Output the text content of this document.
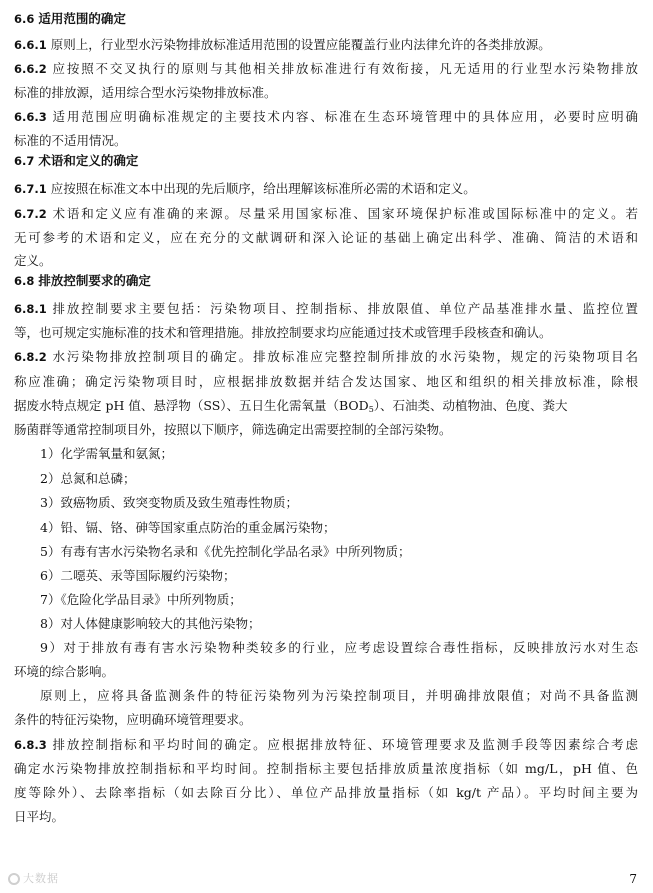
6.6 适用范围的确定
6.6.1 原则上，行业型水污染物排放标准适用范围的设置应能覆盖行业内法律允许的各类排放源。
6.6.2 应按照不交叉执行的原则与其他相关排放标准进行有效衔接，凡无适用的行业型水污染物排放
标准的排放源，适用综合型水污染物排放标准。
6.6.3 适用范围应明确标准规定的主要技术内容、标准在生态环境管理中的具体应用，必要时应明确
标准的不适用情况。
6.7 术语和定义的确定
6.7.1 应按照在标准文本中出现的先后顺序，给出理解该标准所必需的术语和定义。
6.7.2 术语和定义应有准确的来源。尽量采用国家标准、国家环境保护标准或国际标准中的定义。若
无可参考的术语和定义，应在充分的文献调研和深入论证的基础上确定出科学、准确、简洁的术语和
定义。
6.8 排放控制要求的确定
6.8.1 排放控制要求主要包括：污染物项目、控制指标、排放限值、单位产品基准排水量、监控位置
等，也可规定实施标准的技术和管理措施。排放控制要求均应能通过技术或管理手段核查和确认。
6.8.2 水污染物排放控制项目的确定。排放标准应完整控制所排放的水污染物，规定的污染物项目名
称应准确；确定污染物项目时，应根据排放数据并结合发达国家、地区和组织的相关排放标准，除根
据废水特点规定 pH 值、悬浮物（SS）、五日生化需氧量$(BOD_5)$、石油类、动植物油、色度、粪大
肠菌群等通常控制项目外，按照以下顺序，筛选确定出需要控制的全部污染物。
1）化学需氧量和氨氮；
2）总氮和总磷；
3）致癌物质、致突变物质及致生殖毒性物质；
4）铅、镉、铬、砷等国家重点防治的重金属污染物；
5）有毒有害水污染物名录和《优先控制化学品名录》中所列物质；
6）二噁英、汞等国际履约污染物；
7）《危险化学品目录》中所列物质；
8）对人体健康影响较大的其他污染物；
9）对于排放有毒有害水污染物种类较多的行业，应考虑设置综合毒性指标，反映排放污水对生态
环境的综合影响。
原则上，应将具备监测条件的特征污染物列为污染控制项目，并明确排放限值；对尚不具备监测
条件的特征污染物，应明确环境管理要求。
6.8.3 排放控制指标和平均时间的确定。应根据排放特征、环境管理要求及监测手段等因素综合考虑
确定水污染物排放控制指标和平均时间。控制指标主要包括排放质量浓度指标（如 mg/L，pH 值、色
度等除外）、去除率指标（如去除百分比）、单位产品排放量指标（如 kg/t 产品）。平均时间主要为
日平均。
大数据	7
